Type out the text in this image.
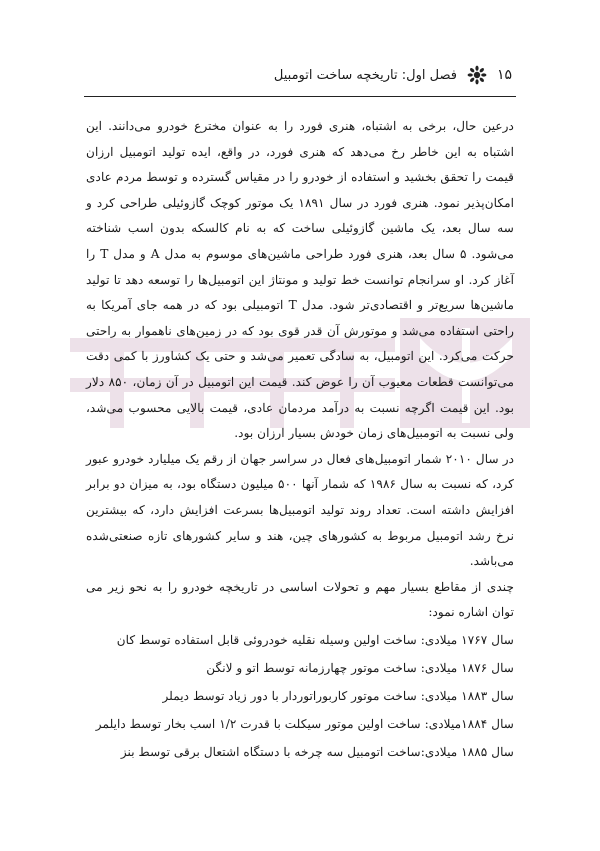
۱۵
فصل اول: تاریخچه ساخت اتومبیل

درعین حال، برخی به اشتباه، هنری فورد را به عنوان مخترع خودرو می‌دانند. این اشتباه به این خاطر رخ می‌دهد که هنری فورد، در واقع، ایده تولید اتومبیل ارزان قیمت را تحقق بخشید و استفاده از خودرو را در مقیاس گسترده و توسط مردم عادی امکان‌پذیر نمود. هنری فورد در سال ۱۸۹۱ یک موتور کوچک گازوئیلی طراحی کرد و سه سال بعد، یک ماشین گازوئیلی ساخت که به نام کالسکه بدون اسب شناخته می‌شود. ۵ سال بعد، هنری فورد طراحی ماشین‌های موسوم به مدل A و مدل T را آغاز کرد. او سرانجام توانست خط تولید و مونتاژ این اتومبیل‌ها را توسعه دهد تا تولید ماشین‌ها سریع‌تر و اقتصادی‌تر شود. مدل T اتومبیلی بود که در همه جای آمریکا به راحتی استفاده می‌شد و موتورش آن قدر قوی بود که در زمین‌های ناهموار به راحتی حرکت می‌کرد. این اتومبیل، به سادگی تعمیر می‌شد و حتی یک کشاورز با کمی دقت می‌توانست قطعات معیوب آن را عوض کند. قیمت این اتومبیل در آن زمان، ۸۵۰ دلار بود. این قیمت اگرچه نسبت به درآمد مردمان عادی، قیمت بالایی محسوب می‌شد، ولی نسبت به اتومبیل‌های زمان خودش بسیار ارزان بود.

در سال ۲۰۱۰ شمار اتومبیل‌های فعال در سراسر جهان از رقم یک میلیارد خودرو عبور کرد، که نسبت به سال ۱۹۸۶ که شمار آنها ۵۰۰ میلیون دستگاه بود، به میزان دو برابر افزایش داشته است. تعداد روند تولید اتومبیل‌ها بسرعت افزایش دارد، که بیشترین نرخ رشد اتومبیل مربوط به کشورهای چین، هند و سایر کشورهای تازه صنعتی‌شده می‌باشد.

چندی از مقاطع بسیار مهم و تحولات اساسی در تاریخچه خودرو را به نحو زیر می توان اشاره نمود:

سال ۱۷۶۷ میلادی: ساخت اولین وسیله نقلیه خودروئی قابل استفاده توسط کان

سال ۱۸۷۶ میلادی: ساخت موتور چهارزمانه توسط اتو و لانگن

سال ۱۸۸۳ میلادی: ساخت موتور کاربوراتوردار با دور زیاد توسط دیملر

سال ۱۸۸۴میلادی: ساخت اولین موتور سیکلت با قدرت ۱/۲ اسب بخار توسط دایلمر

سال ۱۸۸۵ میلادی:ساخت اتومبیل سه چرخه با دستگاه اشتعال برقی توسط بنز
